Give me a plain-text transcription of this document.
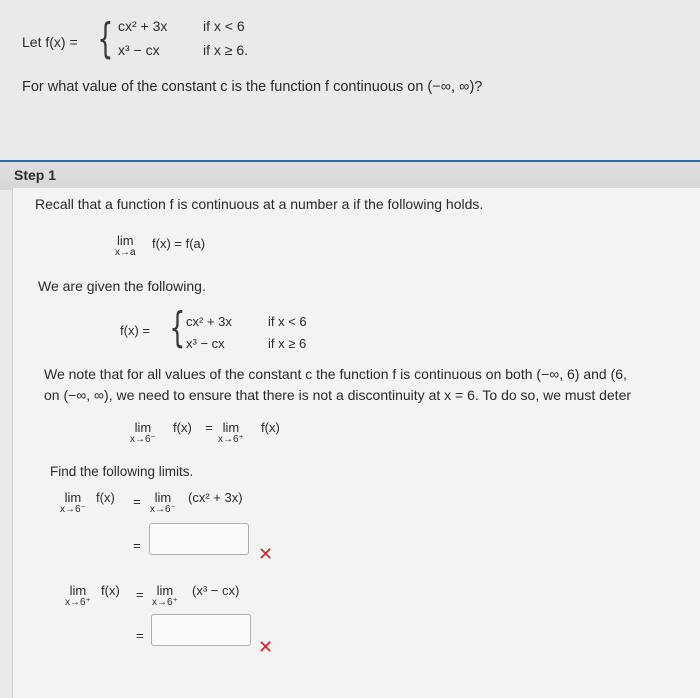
Let f(x) = { cx² + 3x	if x < 6
x³ − cx	if x ≥ 6.
For what value of the constant c is the function f continuous on (−∞, ∞)?
Step 1
Recall that a function f is continuous at a number a if the following holds.
lim
x→a
f(x) = f(a)
We are given the following.
f(x) = { cx² + 3x	if x < 6
x³ − cx	if x ≥ 6
We note that for all values of the constant c the function f is continuous on both (−∞, 6) and (6,
on (−∞, ∞), we need to ensure that there is not a discontinuity at x = 6. To do so, we must deter
lim
x→6⁻
f(x) = lim
x→6⁺
f(x)
Find the following limits.
lim
x→6⁻
f(x) =	lim
x→6⁻
(cx² + 3x)
=	✕
lim
x→6⁺
f(x) =	lim
x→6⁺
(x³ − cx)
=
✕
